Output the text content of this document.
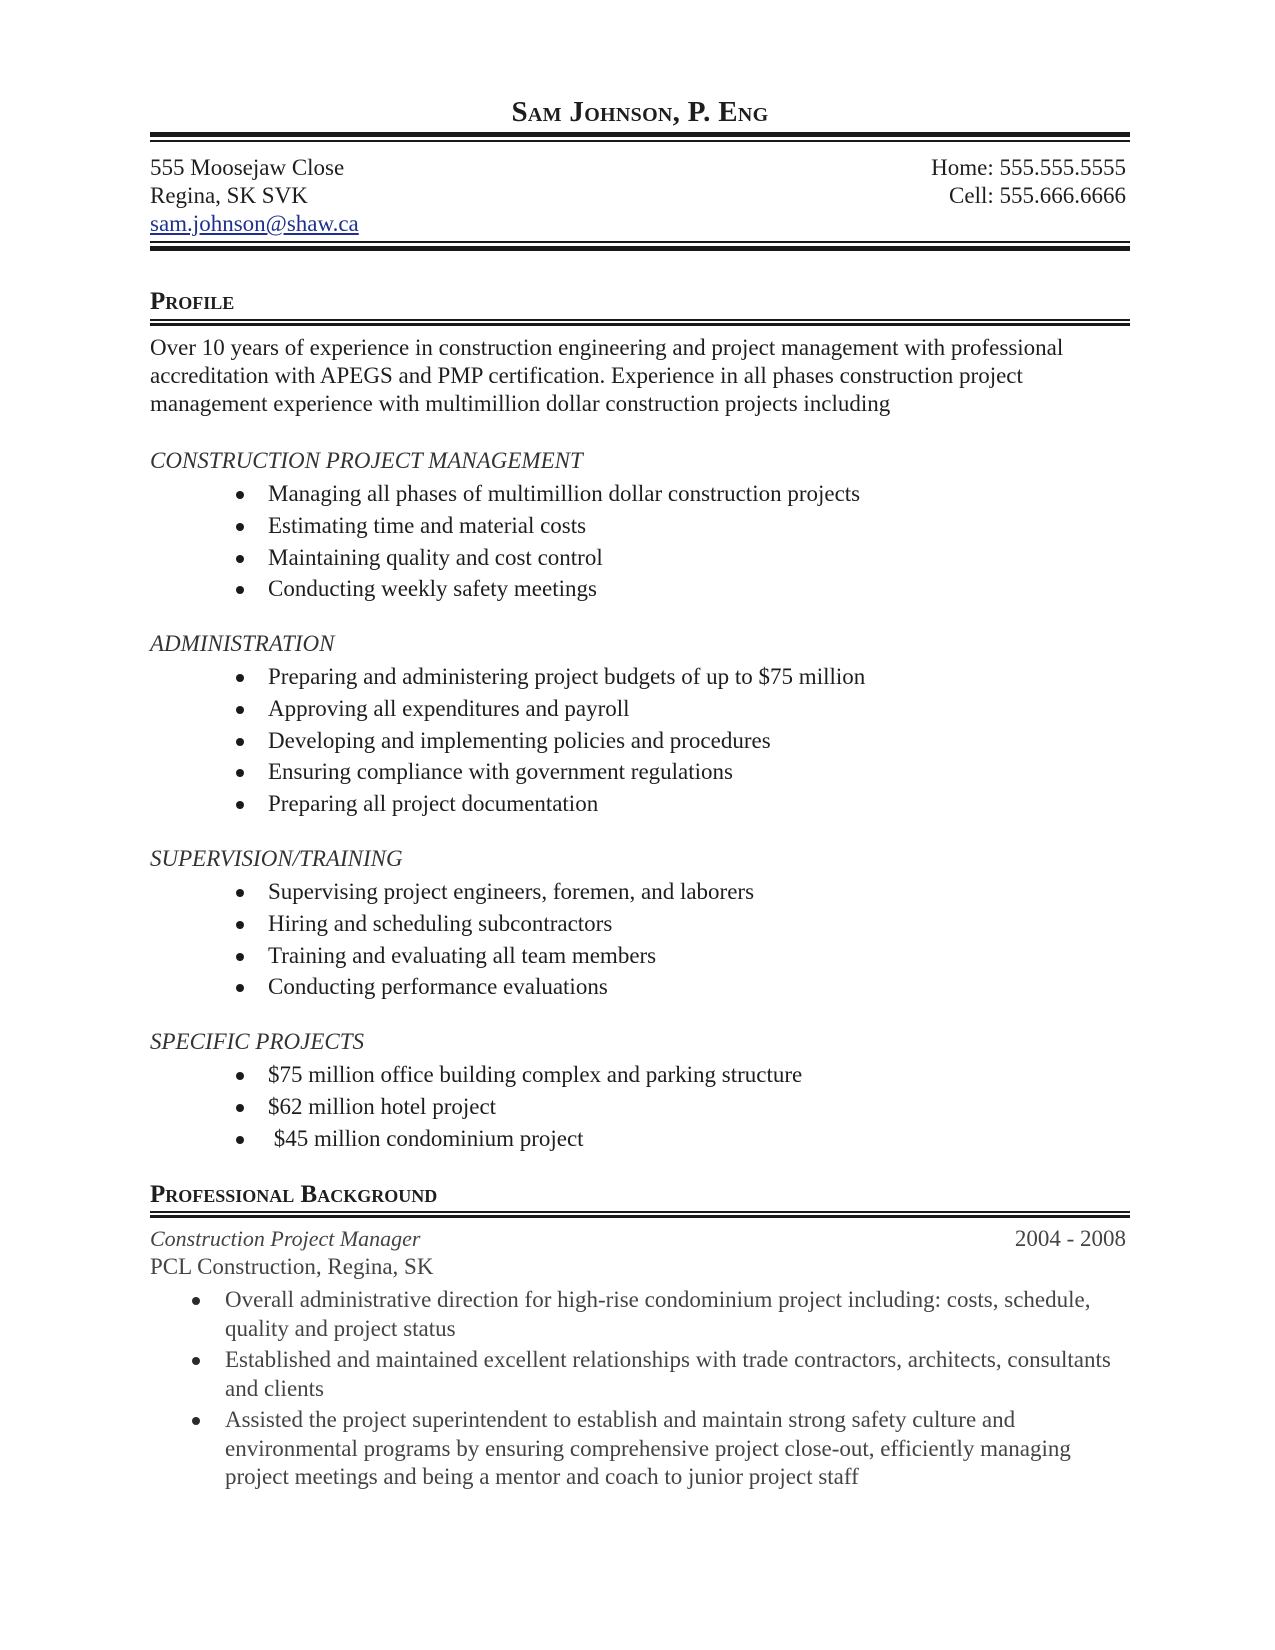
Sam Johnson, P. Eng
555 Moosejaw Close
Regina, SK SVK
sam.johnson@shaw.ca
Home: 555.555.5555
Cell: 555.666.6666
Profile

Over 10 years of experience in construction engineering and project management with professional accreditation with APEGS and PMP certification. Experience in all phases construction project management experience with multimillion dollar construction projects including

CONSTRUCTION PROJECT MANAGEMENT
Managing all phases of multimillion dollar construction projects
Estimating time and material costs
Maintaining quality and cost control
Conducting weekly safety meetings
ADMINISTRATION
Preparing and administering project budgets of up to $75 million
Approving all expenditures and payroll
Developing and implementing policies and procedures
Ensuring compliance with government regulations
Preparing all project documentation
SUPERVISION/TRAINING
Supervising project engineers, foremen, and laborers
Hiring and scheduling subcontractors
Training and evaluating all team members
Conducting performance evaluations
SPECIFIC PROJECTS
$75 million office building complex and parking structure
$62 million hotel project
$45 million condominium project
Professional Background
Construction Project Manager	2004 - 2008
PCL Construction, Regina, SK
Overall administrative direction for high-rise condominium project including: costs, schedule, quality and project status
Established and maintained excellent relationships with trade contractors, architects, consultants and clients
Assisted the project superintendent to establish and maintain strong safety culture and environmental programs by ensuring comprehensive project close-out, efficiently managing project meetings and being a mentor and coach to junior project staff
